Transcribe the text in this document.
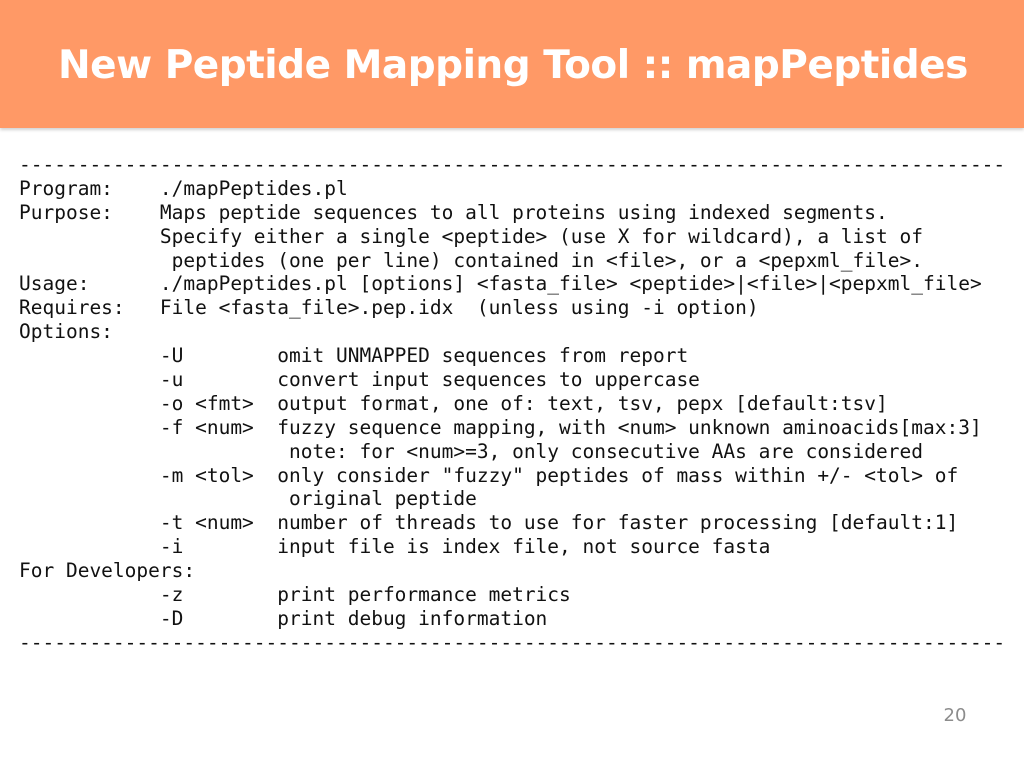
New Peptide Mapping Tool :: mapPeptides
------------------------------------------------------------------------------------
Program:    ./mapPeptides.pl
Purpose:    Maps peptide sequences to all proteins using indexed segments.
Specify either a single <peptide> (use X for wildcard), a list of
peptides (one per line) contained in <file>, or a <pepxml_file>.
Usage:      ./mapPeptides.pl [options] <fasta_file> <peptide>|<file>|<pepxml_file>
Requires:   File <fasta_file>.pep.idx  (unless using -i option)
Options:
-U        omit UNMAPPED sequences from report
-u        convert input sequences to uppercase
-o <fmt>  output format, one of: text, tsv, pepx [default:tsv]
-f <num>  fuzzy sequence mapping, with <num> unknown aminoacids[max:3]
note: for <num>=3, only consecutive AAs are considered
-m <tol>  only consider "fuzzy" peptides of mass within +/- <tol> of
original peptide
-t <num>  number of threads to use for faster processing [default:1]
-i        input file is index file, not source fasta
For Developers:
-z        print performance metrics
-D        print debug information
------------------------------------------------------------------------------------
20
